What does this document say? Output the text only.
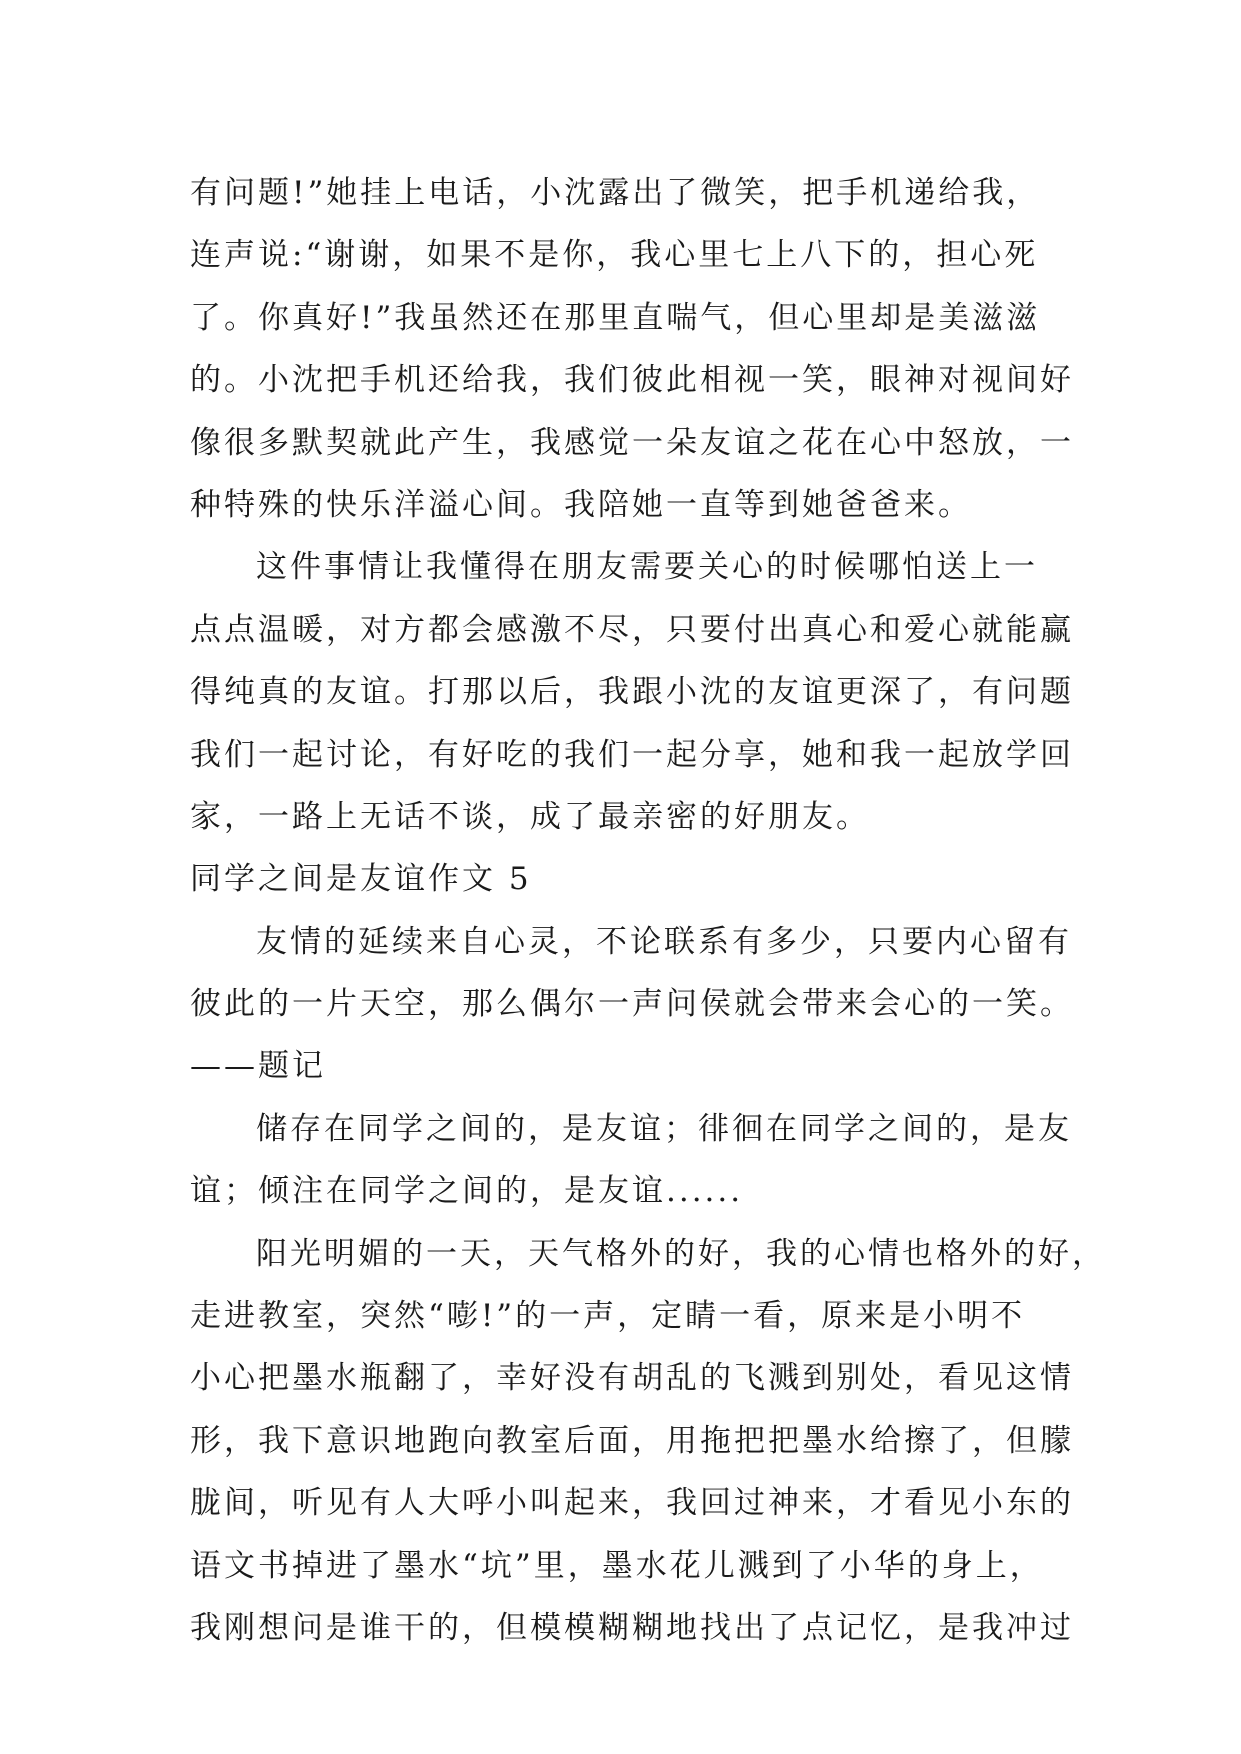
有问题!”她挂上电话，小沈露出了微笑，把手机递给我，
连声说:“谢谢，如果不是你，我心里七上八下的，担心死
了。你真好!”我虽然还在那里直喘气，但心里却是美滋滋
的。小沈把手机还给我，我们彼此相视一笑，眼神对视间好
像很多默契就此产生，我感觉一朵友谊之花在心中怒放，一
种特殊的快乐洋溢心间。我陪她一直等到她爸爸来。
这件事情让我懂得在朋友需要关心的时候哪怕送上一
点点温暖，对方都会感激不尽，只要付出真心和爱心就能赢
得纯真的友谊。打那以后，我跟小沈的友谊更深了，有问题
我们一起讨论，有好吃的我们一起分享，她和我一起放学回
家，一路上无话不谈，成了最亲密的好朋友。
同学之间是友谊作文 5
友情的延续来自心灵，不论联系有多少，只要内心留有
彼此的一片天空，那么偶尔一声问侯就会带来会心的一笑。
——题记
储存在同学之间的，是友谊；徘徊在同学之间的，是友
谊；倾注在同学之间的，是友谊......
阳光明媚的一天，天气格外的好，我的心情也格外的好，
走进教室，突然“嘭!”的一声，定睛一看，原来是小明不
小心把墨水瓶翻了，幸好没有胡乱的飞溅到别处，看见这情
形，我下意识地跑向教室后面，用拖把把墨水给擦了，但朦
胧间，听见有人大呼小叫起来，我回过神来，才看见小东的
语文书掉进了墨水“坑”里，墨水花儿溅到了小华的身上，
我刚想问是谁干的，但模模糊糊地找出了点记忆，是我冲过
